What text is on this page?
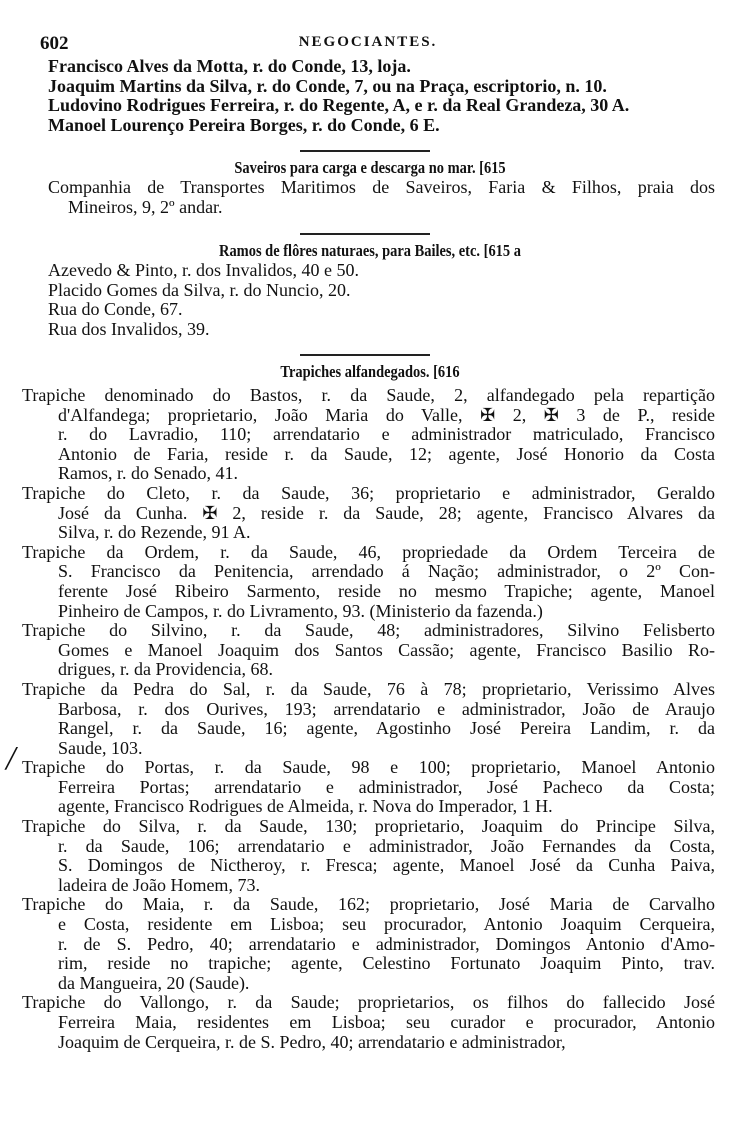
602	NEGOCIANTES.
/
Francisco Alves da Motta, r. do Conde, 13, loja.
Joaquim Martins da Silva, r. do Conde, 7, ou na Praça, escriptorio, n. 10.
Ludovino Rodrigues Ferreira, r. do Regente, A, e r. da Real Grandeza, 30 A.
Manoel Lourenço Pereira Borges, r. do Conde, 6 E.
Saveiros para carga e descarga no mar. [615
Companhia de Transportes Maritimos de Saveiros, Faria & Filhos, praia dos
Mineiros, 9, 2º andar.
Ramos de flôres naturaes, para Bailes, etc. [615 a
Azevedo & Pinto, r. dos Invalidos, 40 e 50.
Placido Gomes da Silva, r. do Nuncio, 20.
Rua do Conde, 67.
Rua dos Invalidos, 39.
Trapiches alfandegados. [616
Trapiche denominado do Bastos, r. da Saude, 2, alfandegado pela repartição
d'Alfandega; proprietario, João Maria do Valle, ✠ 2, ✠ 3 de P., reside
r. do Lavradio, 110; arrendatario e administrador matriculado, Francisco
Antonio de Faria, reside r. da Saude, 12; agente, José Honorio da Costa
Ramos, r. do Senado, 41.
Trapiche do Cleto, r. da Saude, 36; proprietario e administrador, Geraldo
José da Cunha. ✠ 2, reside r. da Saude, 28; agente, Francisco Alvares da
Silva, r. do Rezende, 91 A.
Trapiche da Ordem, r. da Saude, 46, propriedade da Ordem Terceira de
S. Francisco da Penitencia, arrendado á Nação; administrador, o 2º Con-
ferente José Ribeiro Sarmento, reside no mesmo Trapiche; agente, Manoel
Pinheiro de Campos, r. do Livramento, 93. (Ministerio da fazenda.)
Trapiche do Silvino, r. da Saude, 48; administradores, Silvino Felisberto
Gomes e Manoel Joaquim dos Santos Cassão; agente, Francisco Basilio Ro-
drigues, r. da Providencia, 68.
Trapiche da Pedra do Sal, r. da Saude, 76 à 78; proprietario, Verissimo Alves
Barbosa, r. dos Ourives, 193; arrendatario e administrador, João de Araujo
Rangel, r. da Saude, 16; agente, Agostinho José Pereira Landim, r. da
Saude, 103.
Trapiche do Portas, r. da Saude, 98 e 100; proprietario, Manoel Antonio
Ferreira Portas; arrendatario e administrador, José Pacheco da Costa;
agente, Francisco Rodrigues de Almeida, r. Nova do Imperador, 1 H.
Trapiche do Silva, r. da Saude, 130; proprietario, Joaquim do Principe Silva,
r. da Saude, 106; arrendatario e administrador, João Fernandes da Costa,
S. Domingos de Nictheroy, r. Fresca; agente, Manoel José da Cunha Paiva,
ladeira de João Homem, 73.
Trapiche do Maia, r. da Saude, 162; proprietario, José Maria de Carvalho
e Costa, residente em Lisboa; seu procurador, Antonio Joaquim Cerqueira,
r. de S. Pedro, 40; arrendatario e administrador, Domingos Antonio d'Amo-
rim, reside no trapiche; agente, Celestino Fortunato Joaquim Pinto, trav.
da Mangueira, 20 (Saude).
Trapiche do Vallongo, r. da Saude; proprietarios, os filhos do fallecido José
Ferreira Maia, residentes em Lisboa; seu curador e procurador, Antonio
Joaquim de Cerqueira, r. de S. Pedro, 40; arrendatario e administrador,
